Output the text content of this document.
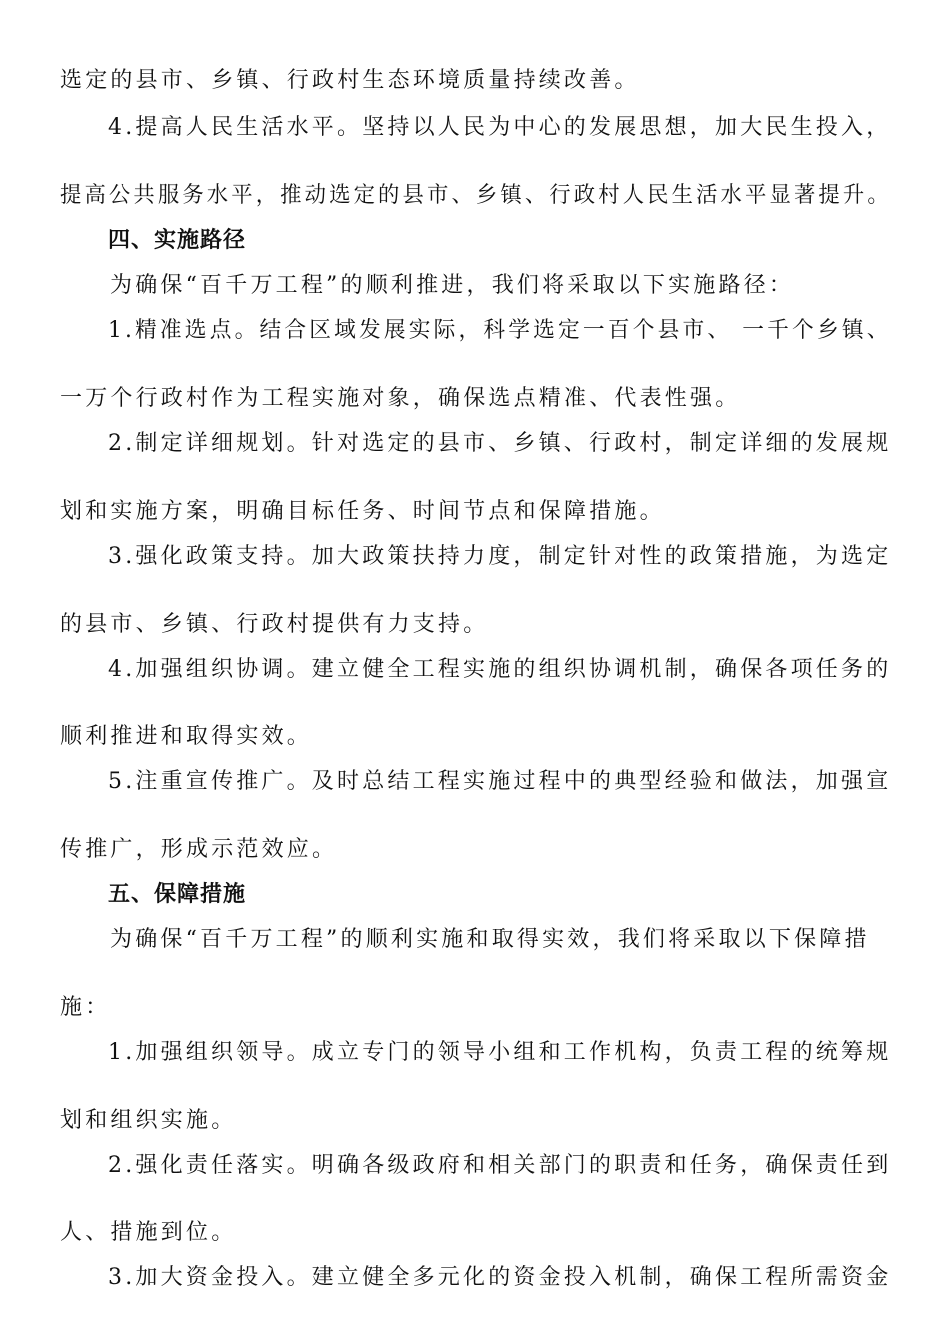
选定的县市、乡镇、行政村生态环境质量持续改善。
4.提高人民生活水平。坚持以人民为中心的发展思想，加大民生投入，
提高公共服务水平，推动选定的县市、乡镇、行政村人民生活水平显著提升。
四、实施路径
为确保“百千万工程”的顺利推进，我们将采取以下实施路径：
1.精准选点。结合区域发展实际，科学选定一百个县市、 一千个乡镇、
一万个行政村作为工程实施对象，确保选点精准、代表性强。
2.制定详细规划。针对选定的县市、乡镇、行政村，制定详细的发展规
划和实施方案，明确目标任务、时间节点和保障措施。
3.强化政策支持。加大政策扶持力度，制定针对性的政策措施，为选定
的县市、乡镇、行政村提供有力支持。
4.加强组织协调。建立健全工程实施的组织协调机制，确保各项任务的
顺利推进和取得实效。
5.注重宣传推广。及时总结工程实施过程中的典型经验和做法，加强宣
传推广，形成示范效应。
五、保障措施
为确保“百千万工程”的顺利实施和取得实效，我们将采取以下保障措
施：
1.加强组织领导。成立专门的领导小组和工作机构，负责工程的统筹规
划和组织实施。
2.强化责任落实。明确各级政府和相关部门的职责和任务，确保责任到
人、措施到位。
3.加大资金投入。建立健全多元化的资金投入机制，确保工程所需资金
